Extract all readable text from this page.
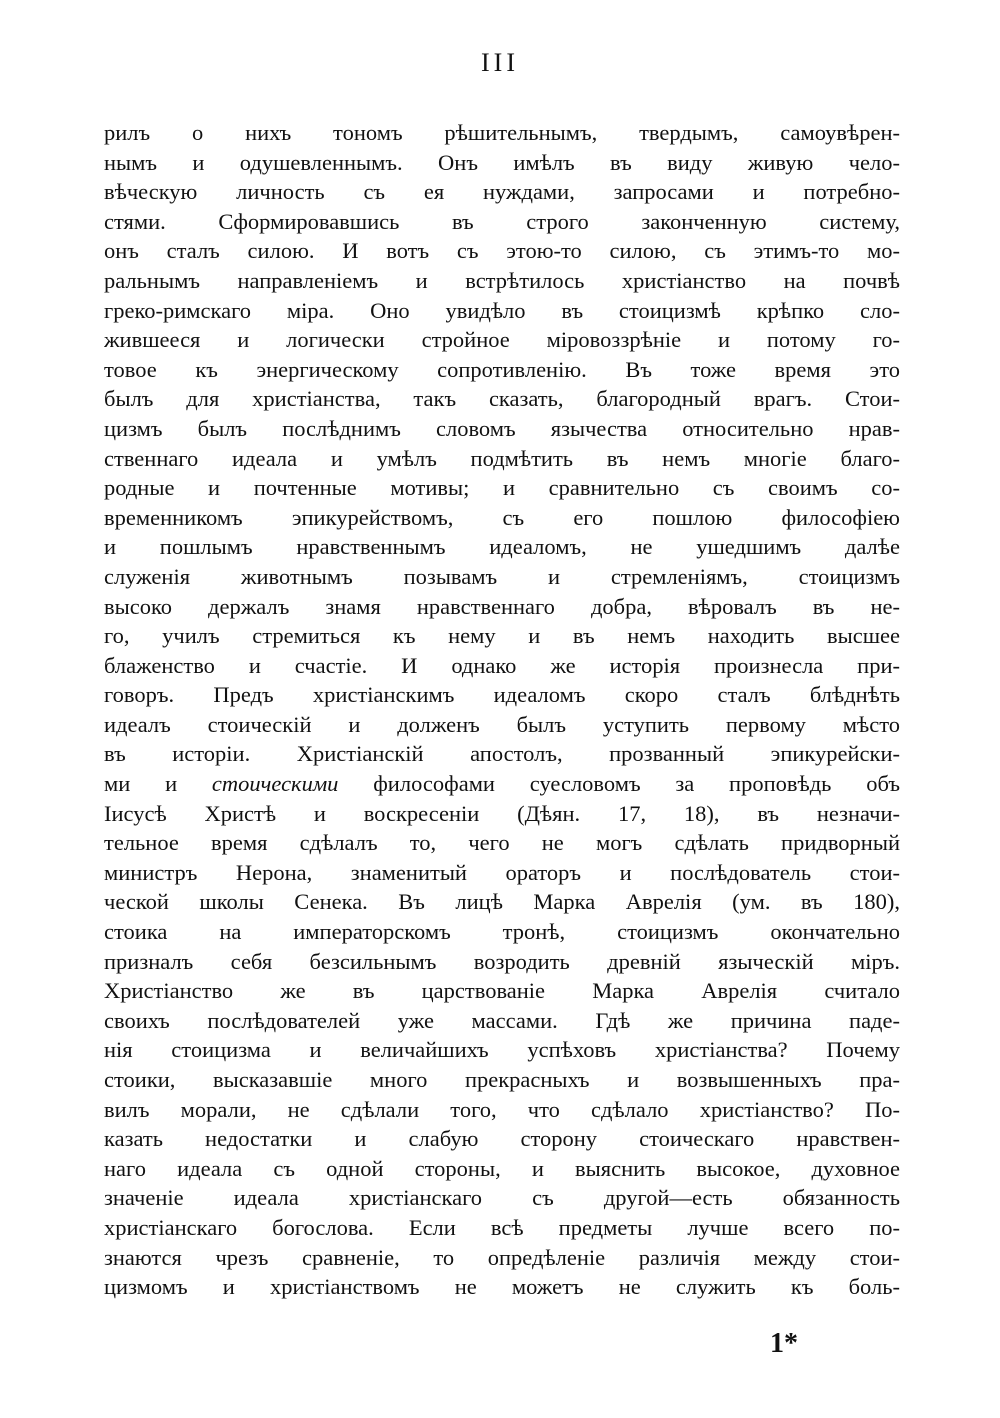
III
рилъ о нихъ тономъ рѣшительнымъ, твердымъ, самоувѣрен-
нымъ и одушевленнымъ. Онъ имѣлъ въ виду живую чело-
вѣческую личность съ ея нуждами, запросами и потребно-
стями. Сформировавшись въ строго законченную систему,
онъ сталъ силою. И вотъ съ этою-то силою, съ этимъ-то мо-
ральнымъ направленіемъ и встрѣтилось христіанство на почвѣ
греко-римскаго міра. Оно увидѣло въ стоицизмѣ крѣпко сло-
жившееся и логически стройное міровоззрѣніе и потому го-
товое къ энергическому сопротивленію. Въ тоже время это
былъ для христіанства, такъ сказать, благородный врагъ. Стои-
цизмъ былъ послѣднимъ словомъ язычества относительно нрав-
ственнаго идеала и умѣлъ подмѣтить въ немъ многіе благо-
родные и почтенные мотивы; и сравнительно съ своимъ со-
временникомъ эпикурействомъ, съ его пошлою философіею
и пошлымъ нравственнымъ идеаломъ, не ушедшимъ далѣе
служенія животнымъ позывамъ и стремленіямъ, стоицизмъ
высоко держалъ знамя нравственнаго добра, вѣровалъ въ не-
го, училъ стремиться къ нему и въ немъ находить высшее
блаженство и счастіе. И однако же исторія произнесла при-
говоръ. Предъ христіанскимъ идеаломъ скоро сталъ блѣднѣть
идеалъ стоическій и долженъ былъ уступить первому мѣсто
въ исторіи. Христіанскій апостолъ, прозванный эпикурейски-
ми и стоическими философами суесловомъ за проповѣдь объ
Іисусѣ Христѣ и воскресеніи (Дѣян. 17, 18), въ незначи-
тельное время сдѣлалъ то, чего не могъ сдѣлать придворный
министръ Нерона, знаменитый ораторъ и послѣдователь стои-
ческой школы Сенека. Въ лицѣ Марка Аврелія (ум. въ 180),
стоика на императорскомъ тронѣ, стоицизмъ окончательно
призналъ себя безсильнымъ возродить древній языческій міръ.
Христіанство же въ царствованіе Марка Аврелія считало
своихъ послѣдователей уже массами. Гдѣ же причина паде-
нія стоицизма и величайшихъ успѣховъ христіанства? Почему
стоики, высказавшіе много прекрасныхъ и возвышенныхъ пра-
вилъ морали, не сдѣлали того, что сдѣлало христіанство? По-
казать недостатки и слабую сторону стоическаго нравствен-
наго идеала съ одной стороны, и выяснить высокое, духовное
значеніе идеала христіанскаго съ другой—есть обязанность
христіанскаго богослова. Если всѣ предметы лучше всего по-
знаются чрезъ сравненіе, то опредѣленіе различія между стои-
цизмомъ и христіанствомъ не можетъ не служить къ боль-
1*
